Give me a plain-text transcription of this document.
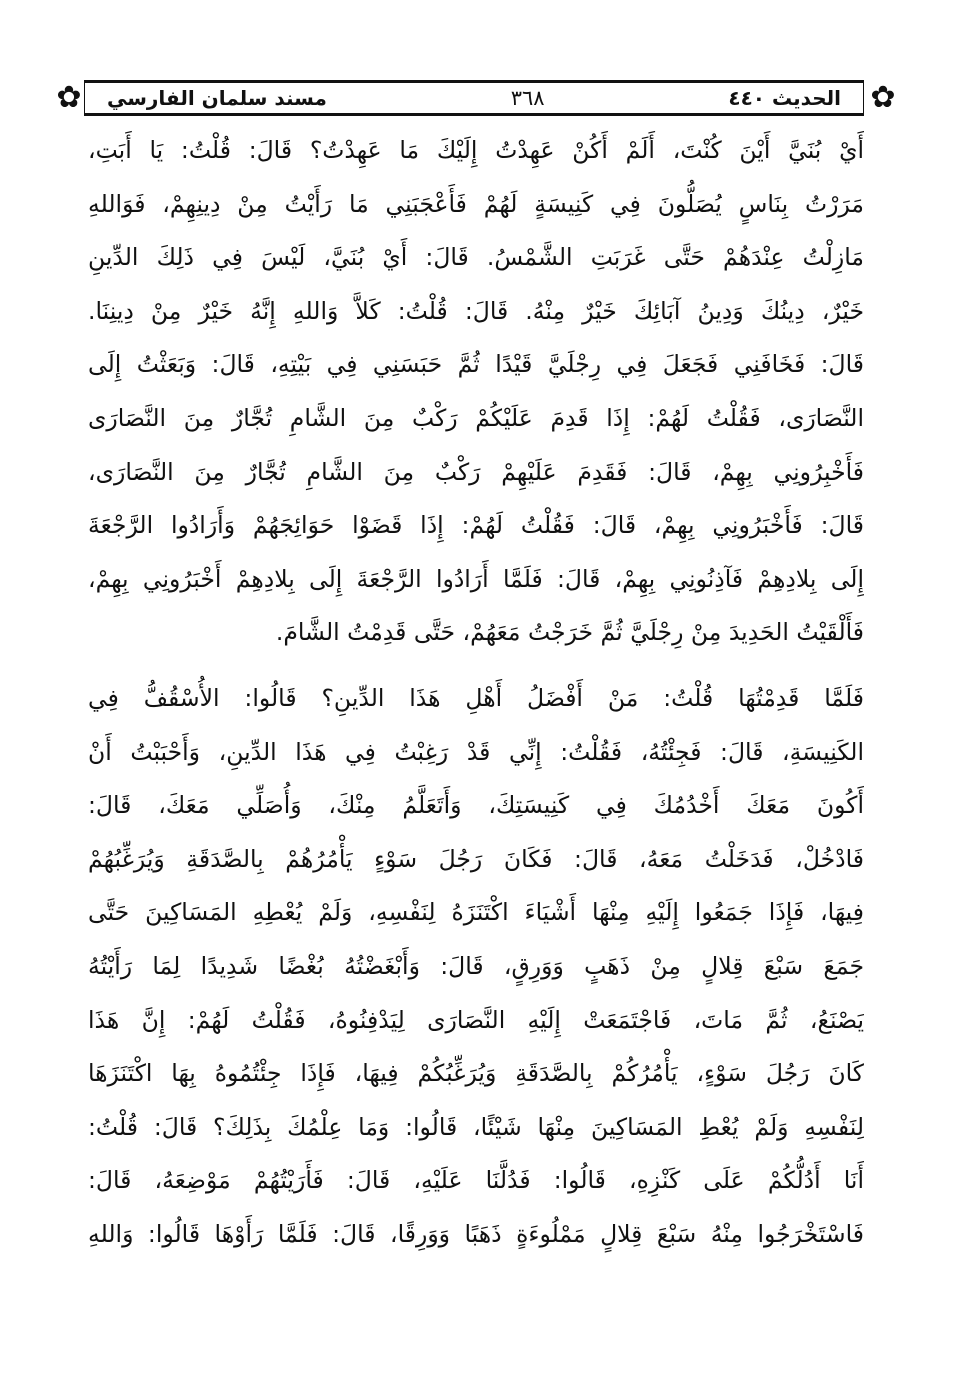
✿	✿
الحديث ٤٤٠
٣٦٨
مسند سلمان الفارسي
أَيْ بُنَيَّ أَيْنَ كُنْتَ، أَلَمْ أَكُنْ عَهِدْتُ إِلَيْكَ مَا عَهِدْتُ؟ قَالَ: قُلْتُ: يَا أَبَتِ،
مَرَرْتُ بِنَاسٍ يُصَلُّونَ فِي كَنِيسَةٍ لَهُمْ فَأَعْجَبَنِي مَا رَأَيْتُ مِنْ دِينِهِمْ، فَوَاللهِ
مَازِلْتُ عِنْدَهُمْ حَتَّى غَرَبَتِ الشَّمْسُ. قَالَ: أَيْ بُنَيَّ، لَيْسَ فِي ذَلِكَ الدِّينِ
خَيْرٌ، دِينُكَ وَدِينُ آبَائِكَ خَيْرٌ مِنْهُ. قَالَ: قُلْتُ: كَلاَّ وَاللهِ إِنَّهُ خَيْرٌ مِنْ دِينِنَا.
قَالَ: فَخَافَنِي فَجَعَلَ فِي رِجْلَيَّ قَيْدًا ثُمَّ حَبَسَنِي فِي بَيْتِهِ، قَالَ: وَبَعَثْتُ إِلَى
النَّصَارَى، فَقُلْتُ لَهُمْ: إِذَا قَدِمَ عَلَيْكُمْ رَكْبٌ مِنَ الشَّامِ تُجَّارٌ مِنَ النَّصَارَى
فَأَخْبِرُونِي بِهِمْ، قَالَ: فَقَدِمَ عَلَيْهِمْ رَكْبٌ مِنَ الشَّامِ تُجَّارٌ مِنَ النَّصَارَى،
قَالَ: فَأَخْبَرُونِي بِهِمْ، قَالَ: فَقُلْتُ لَهُمْ: إِذَا قَضَوْا حَوَائِجَهُمْ وَأَرَادُوا الرَّجْعَةَ
إِلَى بِلادِهِمْ فَآذِنُونِي بِهِمْ، قَالَ: فَلَمَّا أَرَادُوا الرَّجْعَةَ إِلَى بِلادِهِمْ أَخْبَرُونِي بِهِمْ،
فَأَلْقَيْتُ الحَدِيدَ مِنْ رِجْلَيَّ ثُمَّ خَرَجْتُ مَعَهُمْ، حَتَّى قَدِمْتُ الشَّامَ.
فَلَمَّا قَدِمْتُهَا قُلْتُ: مَنْ أَفْضَلُ أَهْلِ هَذَا الدِّينِ؟ قَالُوا: الأُسْقُفُّ فِي
الكَنِيسَةِ، قَالَ: فَجِئْتُهُ، فَقُلْتُ: إِنِّي قَدْ رَغِبْتُ فِي هَذَا الدِّينِ، وَأَحْبَبْتُ أَنْ
أَكُونَ مَعَكَ أَخْدُمُكَ فِي كَنِيسَتِكَ، وَأَتَعَلَّمُ مِنْكَ، وَأُصَلِّي مَعَكَ، قَالَ:
فَادْخُلْ، فَدَخَلْتُ مَعَهُ، قَالَ: فَكَانَ رَجُلَ سَوْءٍ يَأْمُرُهُمْ بِالصَّدَقَةِ وَيُرَغِّبُهُمْ
فِيهَا، فَإِذَا جَمَعُوا إِلَيْهِ مِنْهَا أَشْيَاءَ اكْتَنَزَهُ لِنَفْسِهِ، وَلَمْ يُعْطِهِ المَسَاكِينَ حَتَّى
جَمَعَ سَبْعَ قِلالٍ مِنْ ذَهَبٍ وَوَرِقٍ، قَالَ: وَأَبْغَضْتُهُ بُغْضًا شَدِيدًا لِمَا رَأَيْتُهُ
يَصْنَعُ، ثُمَّ مَاتَ، فَاجْتَمَعَتْ إِلَيْهِ النَّصَارَى لِيَدْفِنُوهُ، فَقُلْتُ لَهُمْ: إِنَّ هَذَا
كَانَ رَجُلَ سَوْءٍ، يَأْمُرُكُمْ بِالصَّدَقَةِ وَيُرَغِّبُكُمْ فِيهَا، فَإِذَا جِئْتُمُوهُ بِهَا اكْتَنَزَهَا
لِنَفْسِهِ وَلَمْ يُعْطِ المَسَاكِينَ مِنْهَا شَيْئًا، قَالُوا: وَمَا عِلْمُكَ بِذَلِكَ؟ قَالَ: قُلْتُ:
أَنَا أَدُلُّكُمْ عَلَى كَنْزِهِ، قَالُوا: فَدُلَّنَا عَلَيْهِ، قَالَ: فَأَرَيْتُهُمْ مَوْضِعَهُ، قَالَ:
فَاسْتَخْرَجُوا مِنْهُ سَبْعَ قِلالٍ مَمْلُوءَةٍ ذَهَبًا وَوَرِقًا، قَالَ: فَلَمَّا رَأَوْهَا قَالُوا: وَاللهِ
